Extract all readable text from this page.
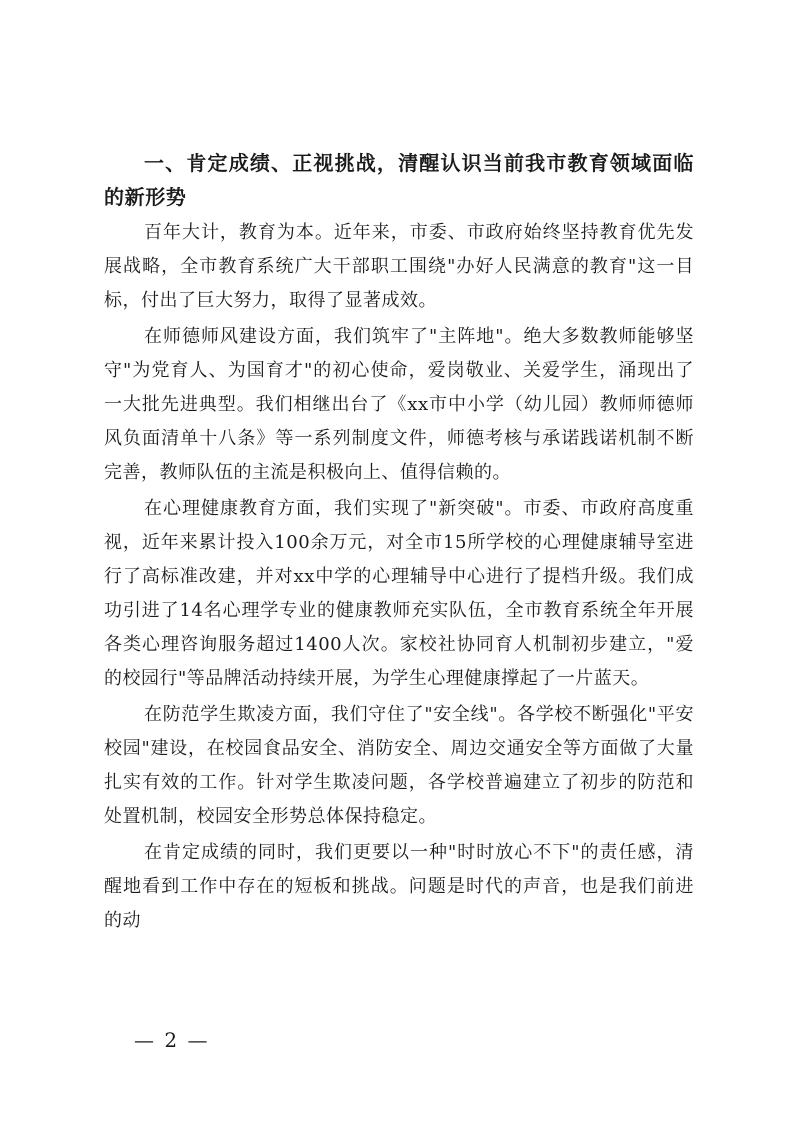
一、肯定成绩、正视挑战，清醒认识当前我市教育领域面临的新形势

百年大计，教育为本。近年来，市委、市政府始终坚持教育优先发展战略，全市教育系统广大干部职工围绕"办好人民满意的教育"这一目标，付出了巨大努力，取得了显著成效。

在师德师风建设方面，我们筑牢了"主阵地"。绝大多数教师能够坚守"为党育人、为国育才"的初心使命，爱岗敬业、关爱学生，涌现出了一大批先进典型。我们相继出台了《xx市中小学（幼儿园）教师师德师风负面清单十八条》等一系列制度文件，师德考核与承诺践诺机制不断完善，教师队伍的主流是积极向上、值得信赖的。

在心理健康教育方面，我们实现了"新突破"。市委、市政府高度重视，近年来累计投入100余万元，对全市15所学校的心理健康辅导室进行了高标准改建，并对xx中学的心理辅导中心进行了提档升级。我们成功引进了14名心理学专业的健康教师充实队伍，全市教育系统全年开展各类心理咨询服务超过1400人次。家校社协同育人机制初步建立，"爱的校园行"等品牌活动持续开展，为学生心理健康撑起了一片蓝天。

在防范学生欺凌方面，我们守住了"安全线"。各学校不断强化"平安校园"建设，在校园食品安全、消防安全、周边交通安全等方面做了大量扎实有效的工作。针对学生欺凌问题，各学校普遍建立了初步的防范和处置机制，校园安全形势总体保持稳定。

在肯定成绩的同时，我们更要以一种"时时放心不下"的责任感，清醒地看到工作中存在的短板和挑战。问题是时代的声音，也是我们前进的动

— 2 —
